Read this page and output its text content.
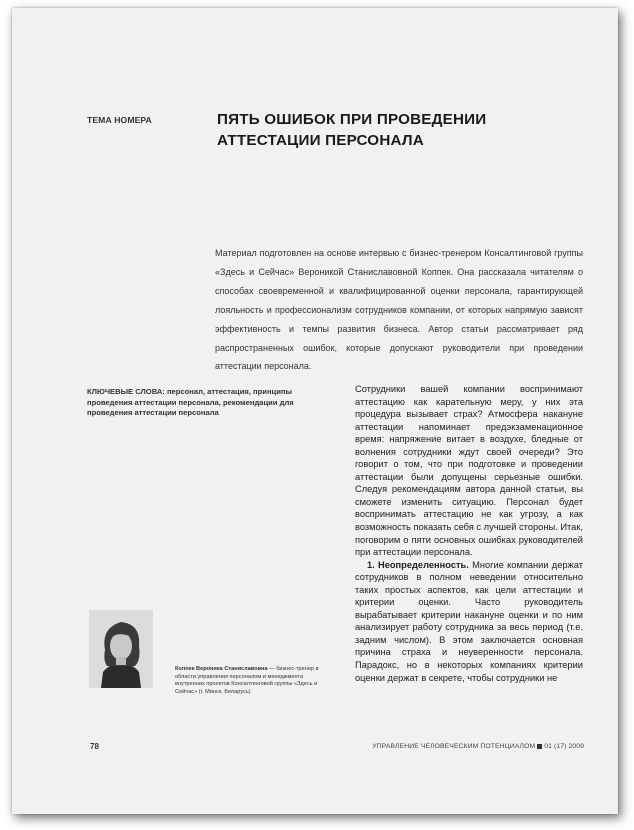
ТЕМА НОМЕРА	ПЯТЬ ОШИБОК ПРИ ПРОВЕДЕНИИ АТТЕСТАЦИИ ПЕРСОНАЛА
Материал подготовлен на основе интервью с бизнес-тренером Консалтинговой группы «Здесь и Сейчас» Вероникой Станиславовной Коппек. Она рассказала читателям о способах своевременной и квалифицированной оценки персонала, гарантирующей лояльность и профессионализм сотрудников компании, от которых напрямую зависят эффективность и темпы развития бизнеса. Автор статьи рассматривает ряд распространенных ошибок, которые допускают руководители при проведении аттестации персонала.
КЛЮЧЕВЫЕ СЛОВА: персонал, аттестация, принципы проведения аттестации персонала, рекомендации для проведения аттестации персонала

Сотрудники вашей компании воспринимают аттестацию как карательную меру, у них эта процедура вызывает страх? Атмосфера накануне аттестации напоминает предэкзаменационное время: напряжение витает в воздухе, бледные от волнения сотрудники ждут своей очереди? Это говорит о том, что при подготовке и проведении аттестации были допущены серьезные ошибки. Следуя рекомендациям автора данной статьи, вы сможете изменить ситуацию. Персонал будет воспринимать аттестацию не как угрозу, а как возможность показать себя с лучшей стороны. Итак, поговорим о пяти основных ошибках руководителей при аттестации персонала.

1. Неопределенность. Многие компании держат сотрудников в полном неведении относительно таких простых аспектов, как цели аттестации и критерии оценки. Часто руководитель вырабатывает критерии накануне оценки и по ним анализирует работу сотрудника за весь период (т.е. задним числом). В этом заключается основная причина страха и неуверенности персонала. Парадокс, но в некоторых компаниях критерии оценки держат в секрете, чтобы сотрудники не

Коппек Вероника Станиславовна — бизнес-тренер в области управления персоналом и менеджмента внутренних проектов Консалтинговой группы «Здесь и Сейчас» (г. Минск, Беларусь)
78	УПРАВЛЕНИЕ ЧЕЛОВЕЧЕСКИМ ПОТЕНЦИАЛОМ 01 (17) 2009
